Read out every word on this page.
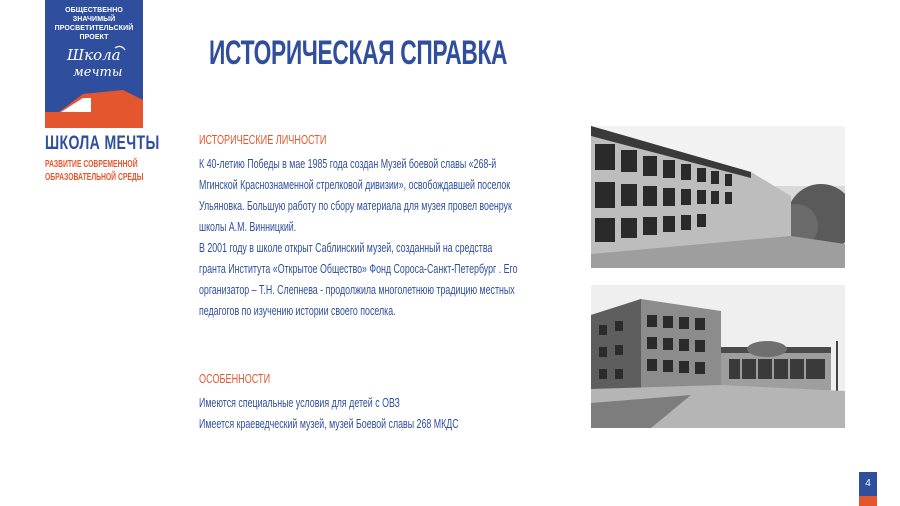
ОБЩЕСТВЕННО ЗНАЧИМЫЙ
ПРОСВЕТИТЕЛЬСКИЙ ПРОЕКТ
Школа
мечты
ШКОЛА МЕЧТЫ
РАЗВИТИЕ СОВРЕМЕННОЙ
ОБРАЗОВАТЕЛЬНОЙ СРЕДЫ
ИСТОРИЧЕСКАЯ СПРАВКА
ИСТОРИЧЕСКИЕ ЛИЧНОСТИ
К 40-летию Победы в мае 1985 года создан Музей боевой славы «268-й
Мгинской Краснознаменной стрелковой дивизии», освобождавшей поселок
Ульяновка. Большую работу по сбору материала для музея провел военрук
школы А.М. Винницкий.
В 2001 году в школе открыт Саблинский музей, созданный на средства
гранта Института «Открытое Общество» Фонд Сороса-Санкт-Петербург . Его
организатор – Т.Н. Слепнева - продолжила многолетнюю традицию местных
педагогов по изучению истории своего поселка.
ОСОБЕННОСТИ
Имеются специальные условия для детей с ОВЗ
Имеется краеведческий музей, музей Боевой славы 268 МКДС
4
